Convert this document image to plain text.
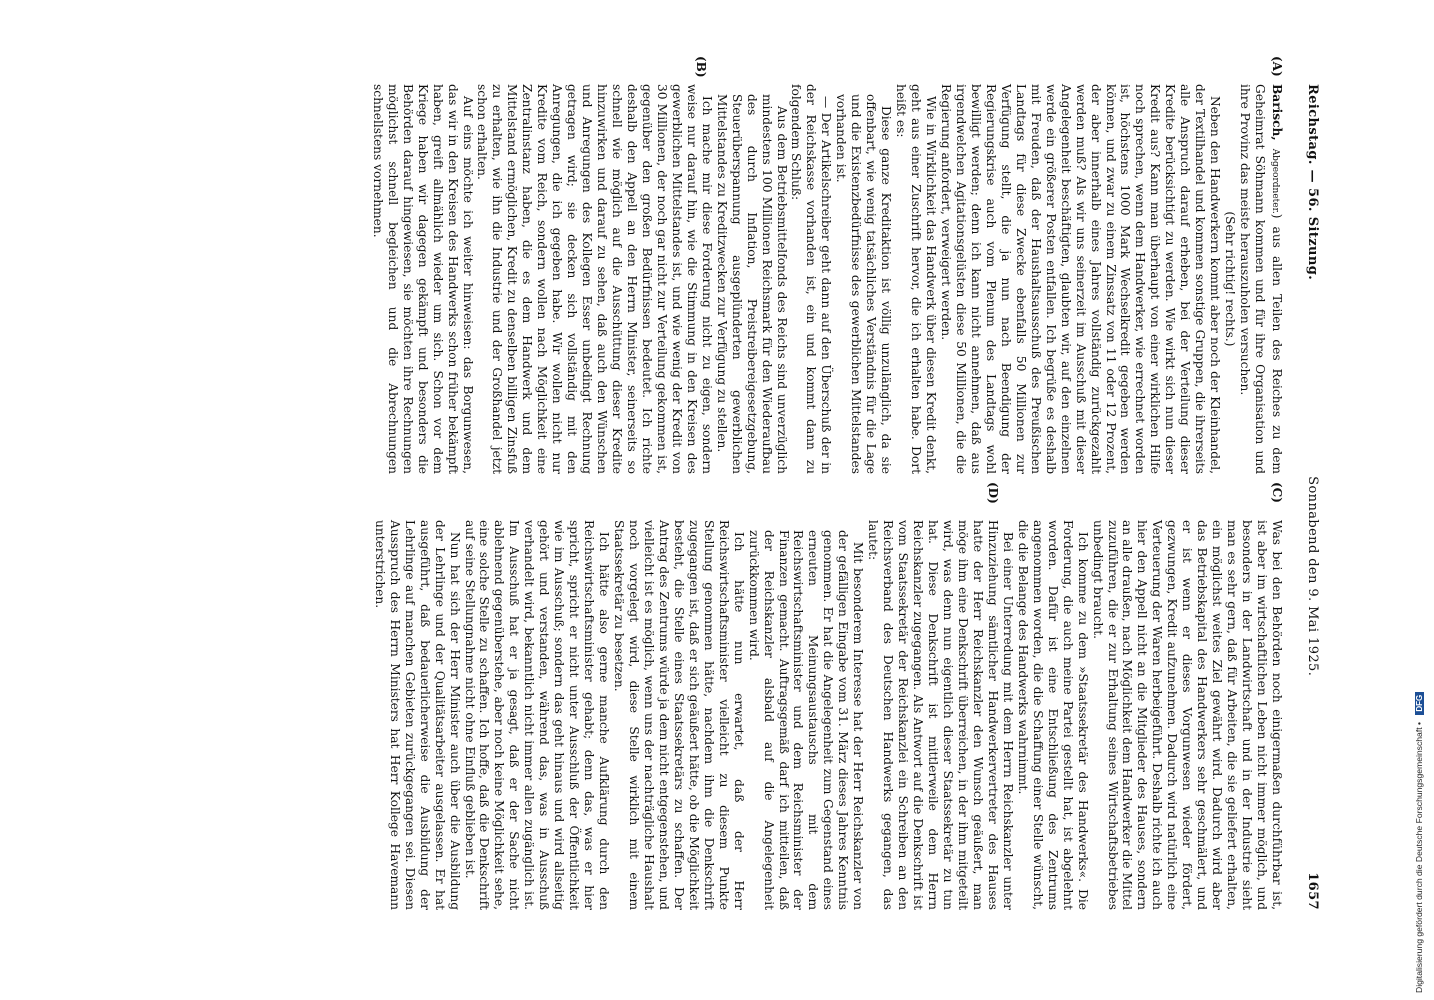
Reichstag. — 56. Sitzung.
Sonnabend den 9. Mai 1925.
1657
(A)
(B)
(C)
(D)

Barisch, Abgeordneter.) aus allen Teilen des Reiches zu dem Geheimrat Söhmann kommen und für ihre Organisation und ihre Provinz das meiste herauszuholen versuchen.

(Sehr richtig! rechts.)

Neben den Handwerkern kommt aber noch der Kleinhandel, der Textilhandel und kommen sonstige Gruppen, die ihrerseits alle Anspruch darauf erheben, bei der Verteilung dieser Kredite berücksichtigt zu werden. Wie wirkt sich nun dieser Kredit aus? Kann man überhaupt von einer wirklichen Hilfe noch sprechen, wenn dem Handwerker, wie errechnet worden ist, höchstens 1000 Mark Wechselkredit gegeben werden können, und zwar zu einem Zinssatz von 11 oder 12 Prozent, der aber innerhalb eines Jahres vollständig zurückgezahlt werden muß? Als wir uns seinerzeit im Ausschuß mit dieser Angelegenheit beschäftigten, glaubten wir, auf den einzelnen werde ein größerer Posten entfallen. Ich begrüße es deshalb mit Freuden, daß der Haushaltsausschuß des Preußischen Landtags für diese Zwecke ebenfalls 50 Millionen zur Verfügung stellt, die ja nun nach Beendigung der Regierungskrise auch vom Plenum des Landtags wohl bewilligt werden; denn ich kann nicht annehmen, daß aus irgendwelchen Agitationsgelüsten diese 50 Millionen, die die Regierung anfordert, verweigert werden.

Wie in Wirklichkeit das Handwerk über diesen Kredit denkt, geht aus einer Zuschrift hervor, die ich erhalten habe. Dort heißt es:

Diese ganze Kreditaktion ist völlig unzulänglich, da sie offenbart, wie wenig tatsächliches Verständnis für die Lage und die Existenzbedürfnisse des gewerblichen Mittelstandes vorhanden ist.

— Der Artikelschreiber geht dann auf den Überschuß der in der Reichskasse vorhanden ist, ein und kommt dann zu folgendem Schluß:

Aus dem Betriebsmittelfonds des Reichs sind unverzüglich mindestens 100 Millionen Reichsmark für den Wiederaufbau des durch Inflation, Preistreibereigesetzgebung, Steuerüberspannung ausgeplünderten gewerblichen Mittelstandes zu Kreditzwecken zur Verfügung zu stellen.

Ich mache mir diese Forderung nicht zu eigen, sondern weise nur darauf hin, wie die Stimmung in den Kreisen des gewerblichen Mittelstandes ist, und wie wenig der Kredit von 30 Millionen, der noch gar nicht zur Verteilung gekommen ist, gegenüber den großen Bedürfnissen bedeutet. Ich richte deshalb den Appell an den Herrn Minister, seinerseits so schnell wie möglich auf die Ausschüttung dieser Kredite hinzuwirken und darauf zu sehen, daß auch den Wünschen und Anregungen des Kollegen Esser unbedingt Rechnung getragen wird; sie decken sich vollständig mit den Anregungen, die ich gegeben habe. Wir wollen nicht nur Kredite vom Reich, sondern wollen nach Möglichkeit eine Zentralinstanz haben, die es dem Handwerk und dem Mittelstand ermöglichen, Kredit zu denselben billigen Zinsfuß zu erhalten, wie ihn die Industrie und der Großhandel jetzt schon erhalten.

Auf eins möchte ich weiter hinweisen: das Borgunwesen, das wir in den Kreisen des Handwerks schon früher bekämpft haben, greift allmählich wieder um sich. Schon vor dem Kriege haben wir dagegen gekämpft und besonders die Behörden darauf hingewiesen, sie möchten ihre Rechnungen möglichst schnell begleichen und die Abrechnungen schnellstens vornehmen.

Was bei den Behörden noch einigermaßen durchführbar ist, ist aber im wirtschaftlichen Leben nicht immer möglich, und besonders in der Landwirtschaft und in der Industrie sieht man es sehr gern, daß für Arbeiten, die sie geliefert erhalten, ein möglichst weites Ziel gewährt wird. Dadurch wird aber das Betriebskapital des Handwerkers sehr geschmälert, und er ist wenn er dieses Vorgunwesen wieder fördert, gezwungen, Kredit aufzunehmen. Dadurch wird natürlich eine Verteuerung der Waren herbeigeführt. Deshalb richte ich auch hier den Appell nicht an die Mitglieder des Hauses, sondern an alle draußen, nach Möglichkeit dem Handwerker die Mittel zuzuführen, die er zur Erhaltung seines Wirtschaftsbetriebes unbedingt braucht.

Ich komme zu dem »Staatssekretär des Handwerks«. Die Forderung, die auch meine Partei gestellt hat, ist abgelehnt worden. Dafür ist eine Entschließung des Zentrums angenommen worden, die die Schaffung einer Stelle wünscht, die die Belange des Handwerks wahrnimmt.

Bei einer Unterredung mit dem Herrn Reichskanzler unter Hinzuziehung sämtlicher Handwerkervertreter des Hauses hatte der Herr Reichskanzler den Wunsch geäußert, man möge ihm eine Denkschrift überreichen, in der ihm mitgeteilt wird, was denn nun eigentlich dieser Staatssekretär zu tun hat. Diese Denkschrift ist mittlerweile dem Herrn Reichskanzler zugegangen. Als Antwort auf die Denkschrift ist vom Staatssekretär der Reichskanzlei ein Schreiben an den Reichsverband des Deutschen Handwerks gegangen, das lautet:

Mit besonderem Interesse hat der Herr Reichskanzler von der gefälligen Eingabe vom 31. März dieses Jahres Kenntnis genommen. Er hat die Angelegenheit zum Gegenstand eines erneuten Meinungsaustauschs mit dem Reichswirtschaftsminister und dem Reichsminister der Finanzen gemacht. Auftragsgemäß darf ich mitteilen, daß der Reichskanzler alsbald auf die Angelegenheit zurückkommen wird.

Ich hätte nun erwartet, daß der Herr Reichswirtschaftsminister vielleicht zu diesem Punkte Stellung genommen hätte, nachdem ihm die Denkschrift zugegangen ist, daß er sich geäußert hätte, ob die Möglichkeit besteht, die Stelle eines Staatssekretärs zu schaffen. Der Antrag des Zentrums würde ja dem nicht entgegenstehen, und vielleicht ist es möglich, wenn uns der nachträgliche Haushalt noch vorgelegt wird, diese Stelle wirklich mit einem Staatssekretär zu besetzen.

Ich hätte also gerne manche Aufklärung durch den Reichswirtschaftsminister gehabt; denn das, was er hier spricht, spricht er nicht unter Ausschluß der Öffentlichkeit wie im Ausschuß; sondern das geht hinaus und wird allseitig gehört und verstanden, während das, was in Ausschuß verhandelt wird, bekanntlich nicht immer allen zugänglich ist. Im Ausschuß hat er ja gesagt, daß er der Sache nicht ablehnend gegenüberstehe, aber noch keine Möglichkeit sehe, eine solche Stelle zu schaffen. Ich hoffe, daß die Denkschrift auf seine Stellungnahme nicht ohne Einfluß geblieben ist.

Nun hat sich der Herr Minister auch über die Ausbildung der Lehrlinge und der Qualitätsarbeiter ausgelassen. Er hat ausgeführt, daß bedauerlicherweise die Ausbildung der Lehrlinge auf manchen Gebieten zurückgegangen sei. Diesen Ausspruch des Herrn Ministers hat Herr Kollege Havemann unterstrichen.

Digitalisierung gefördert durch die Deutsche Forschungsgemeinschaft • DFG
